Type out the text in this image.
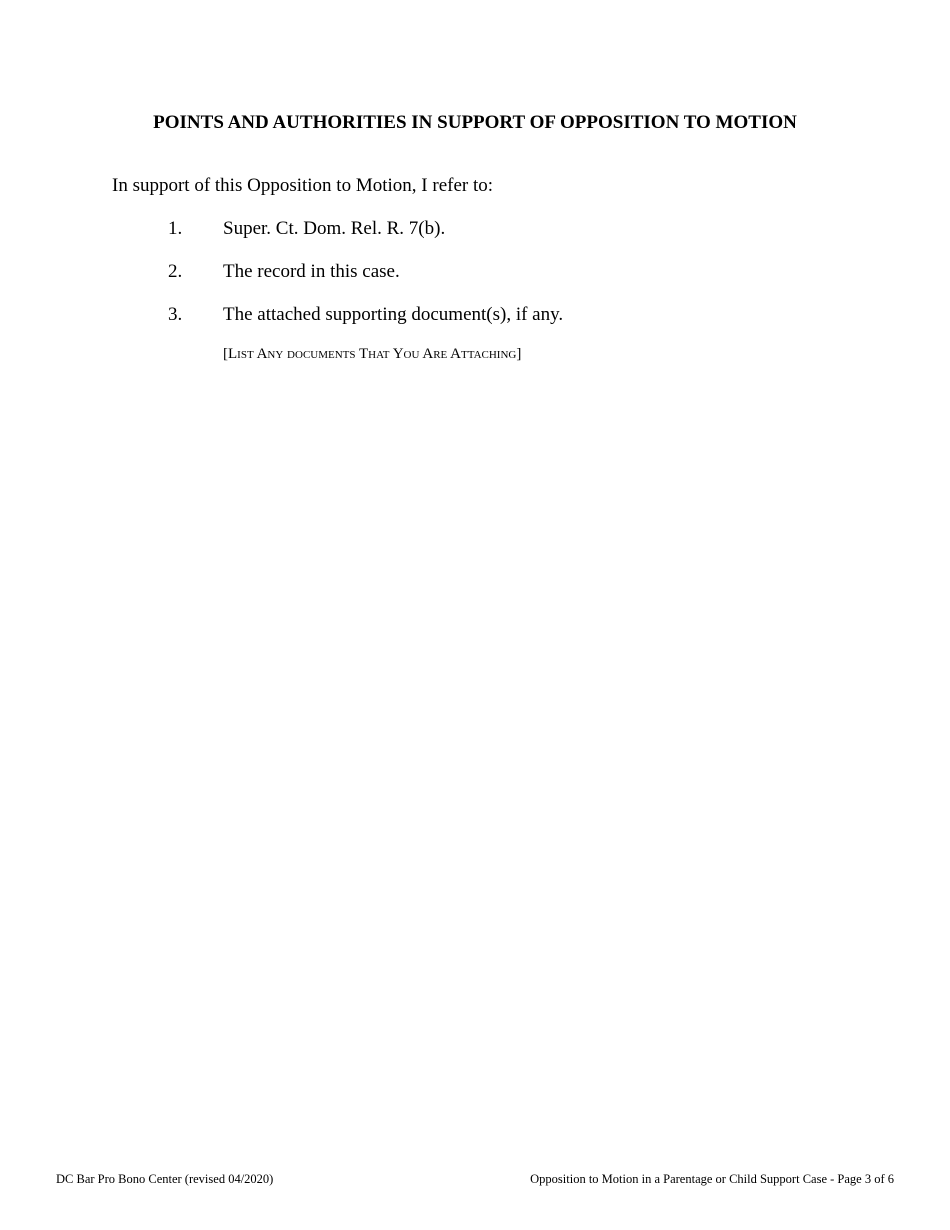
POINTS AND AUTHORITIES IN SUPPORT OF OPPOSITION TO MOTION

In support of this Opposition to Motion, I refer to:

1. Super. Ct. Dom. Rel. R. 7(b).
2. The record in this case.
3. The attached supporting document(s), if any.

[List Any documents That You Are Attaching]

DC Bar Pro Bono Center (revised 04/2020)	Opposition to Motion in a Parentage or Child Support Case - Page 3 of 6
